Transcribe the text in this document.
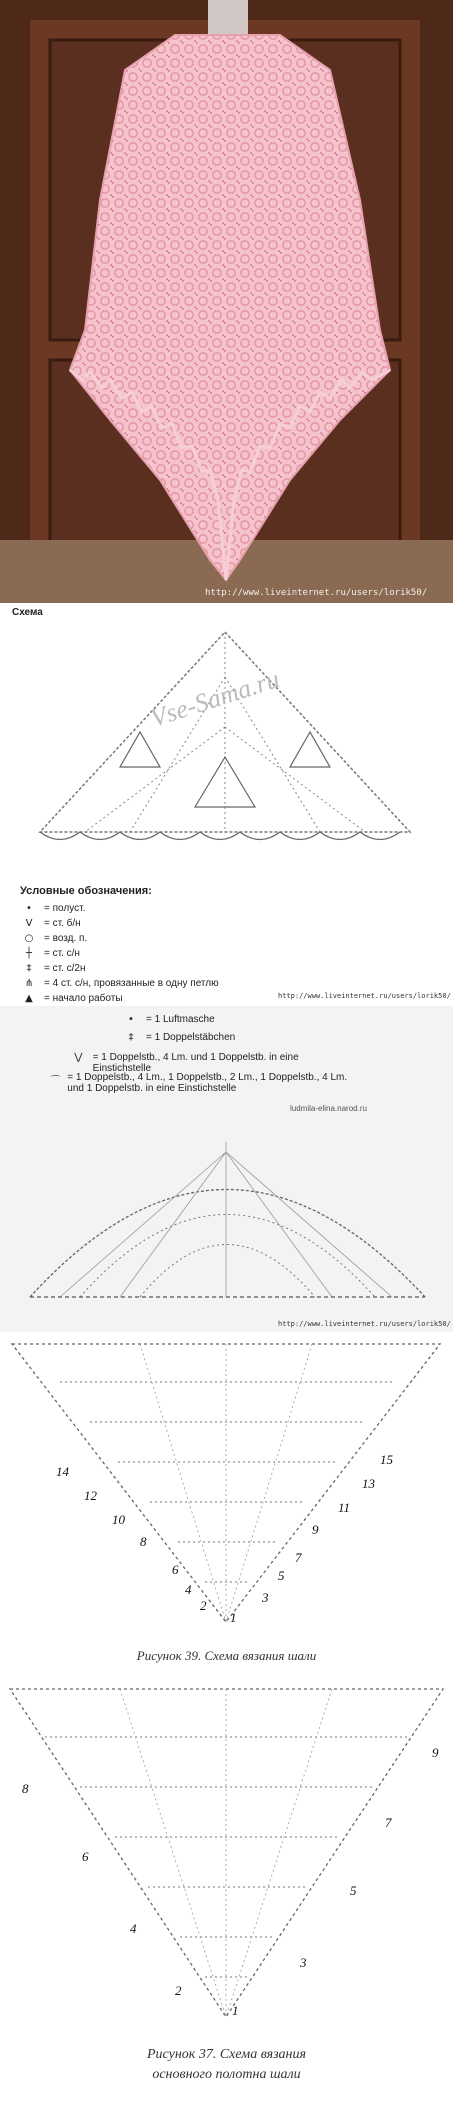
http://www.liveinternet.ru/users/lorik50/
Схема
Vse-Sama.ru
Условные обозначения:
•	= полуст.
V	= ст. б/н
○	= возд. п.
┼	= ст. с/н
‡	= ст. с/2н
⋔	= 4 ст. с/н, провязанные в одну петлю
▲	= начало работы	http://www.liveinternet.ru/users/lorik50/
•	= 1 Luftmasche
‡	= 1 Doppelstäbchen
⋁	= 1 Doppelstb., 4 Lm. und 1 Doppelstb. in eine Einstichstelle
⌒ = 1 Doppelstb., 4 Lm., 1 Doppelstb., 2 Lm., 1 Doppelstb., 4 Lm. und 1 Doppelstb. in eine Einstichstelle
ludmila-elina.narod.ru
http://www.liveinternet.ru/users/lorik50/
1
2
3
4
5
6
7
8
9
10
11
12
13
14
15
Рисунок 39. Схема вязания шали
1
2
3
4
5
6
7
8
9
Рисунок 37. Схема вязания
основного полотна шали
